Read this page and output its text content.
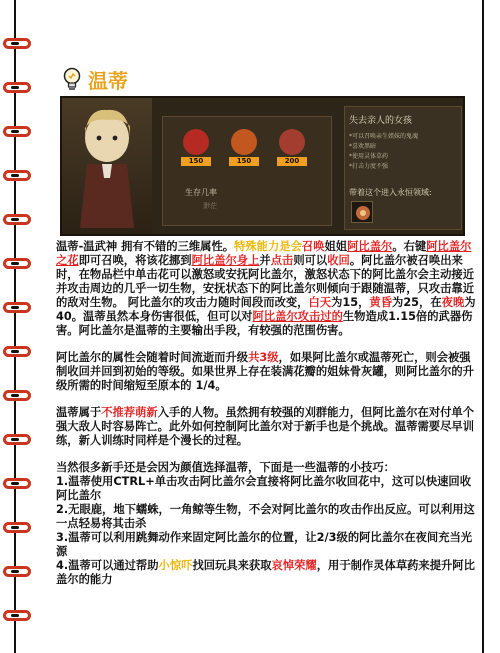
温蒂
150	150	200
生存几率
渺茫
失去亲人的女孩
*可以召唤亲生姐妹的鬼魂
*喜欢黑暗
*使用灵体草药
*打击力度不强
带着这个进入永恒领域:
温蒂-温武神 拥有不错的三维属性。特殊能力是会召唤姐姐阿比盖尔。右键阿比盖尔之花即可召唤，将该花挪到阿比盖尔身上并点击则可以收回。阿比盖尔被召唤出来时，在物品栏中单击花可以激怒或安抚阿比盖尔，激怒状态下的阿比盖尔会主动接近并攻击周边的几乎一切生物，安抚状态下的阿比盖尔则倾向于跟随温蒂，只攻击靠近的敌对生物。 阿比盖尔的攻击力随时间段而改变，白天为15，黄昏为25，在夜晚为40。温蒂虽然本身伤害很低，但可以对阿比盖尔攻击过的生物造成1.15倍的武器伤害。阿比盖尔是温蒂的主要输出手段，有较强的范围伤害。
阿比盖尔的属性会随着时间流逝而升级共3级，如果阿比盖尔或温蒂死亡，则会被强制收回并回到初始的等级。如果世界上存在装满花瓣的姐妹骨灰罐，则阿比盖尔的升级所需的时间缩短至原本的 1/4。
温蒂属于不推荐萌新入手的人物。虽然拥有较强的刈群能力，但阿比盖尔在对付单个强大敌人时容易阵亡。此外如何控制阿比盖尔对于新手也是个挑战。温蒂需要尽早训练，新人训练时同样是个漫长的过程。
当然很多新手还是会因为颜值选择温蒂，下面是一些温蒂的小技巧：
1.温蒂使用CTRL+单击攻击阿比盖尔会直接将阿比盖尔收回花中，这可以快速回收阿比盖尔
2.无眼鹿，地下蠕蛛，一角鲸等生物，不会对阿比盖尔的攻击作出反应。可以利用这一点轻易将其击杀
3.温蒂可以利用跳舞动作来固定阿比盖尔的位置，让2/3级的阿比盖尔在夜间充当光源
4.温蒂可以通过帮助小惊吓找回玩具来获取哀悼荣耀，用于制作灵体草药来提升阿比盖尔的能力
